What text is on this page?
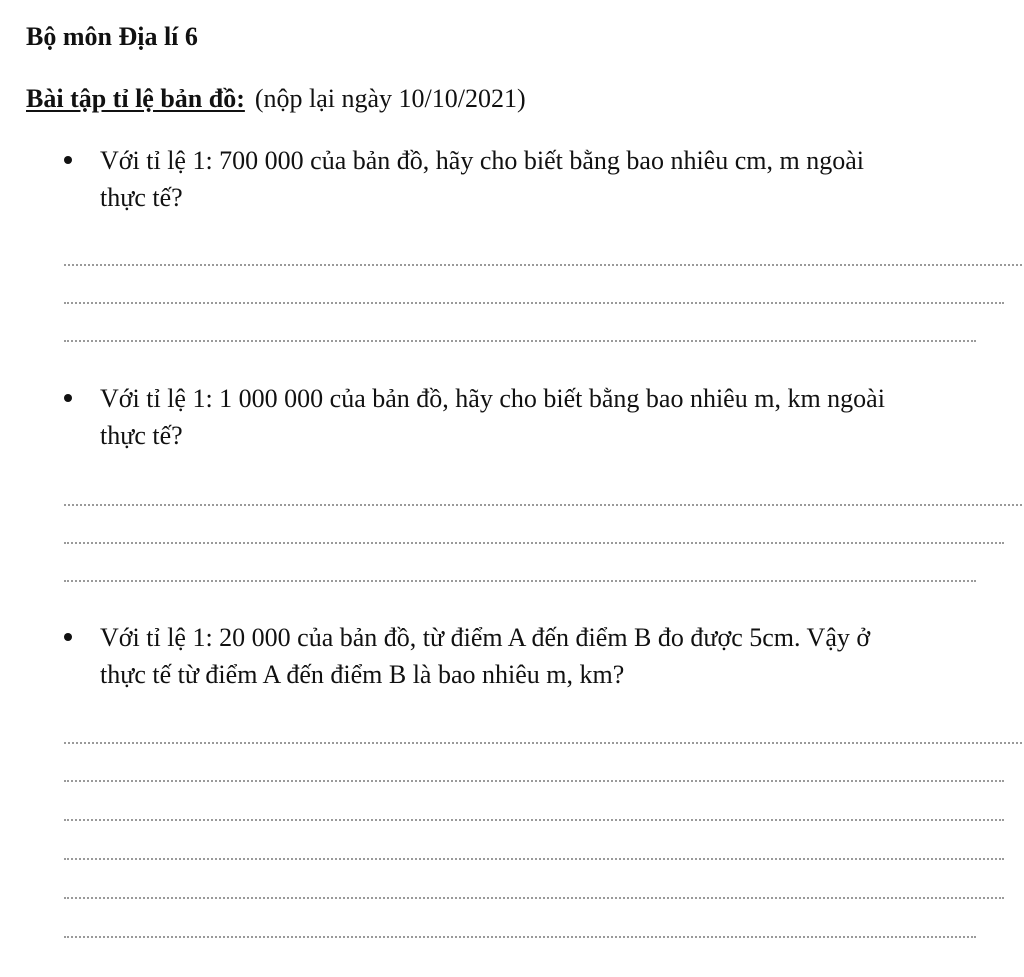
Bộ môn Địa lí 6
Bài tập tỉ lệ bản đồ: (nộp lại ngày 10/10/2021)
Với tỉ lệ 1: 700 000 của bản đồ, hãy cho biết bằng bao nhiêu cm, m ngoài
thực tế?
Với tỉ lệ 1: 1 000 000 của bản đồ, hãy cho biết bằng bao nhiêu m, km ngoài
thực tế?
Với tỉ lệ 1: 20 000 của bản đồ, từ điểm A đến điểm B đo được 5cm. Vậy ở
thực tế từ điểm A đến điểm B là bao nhiêu m, km?
